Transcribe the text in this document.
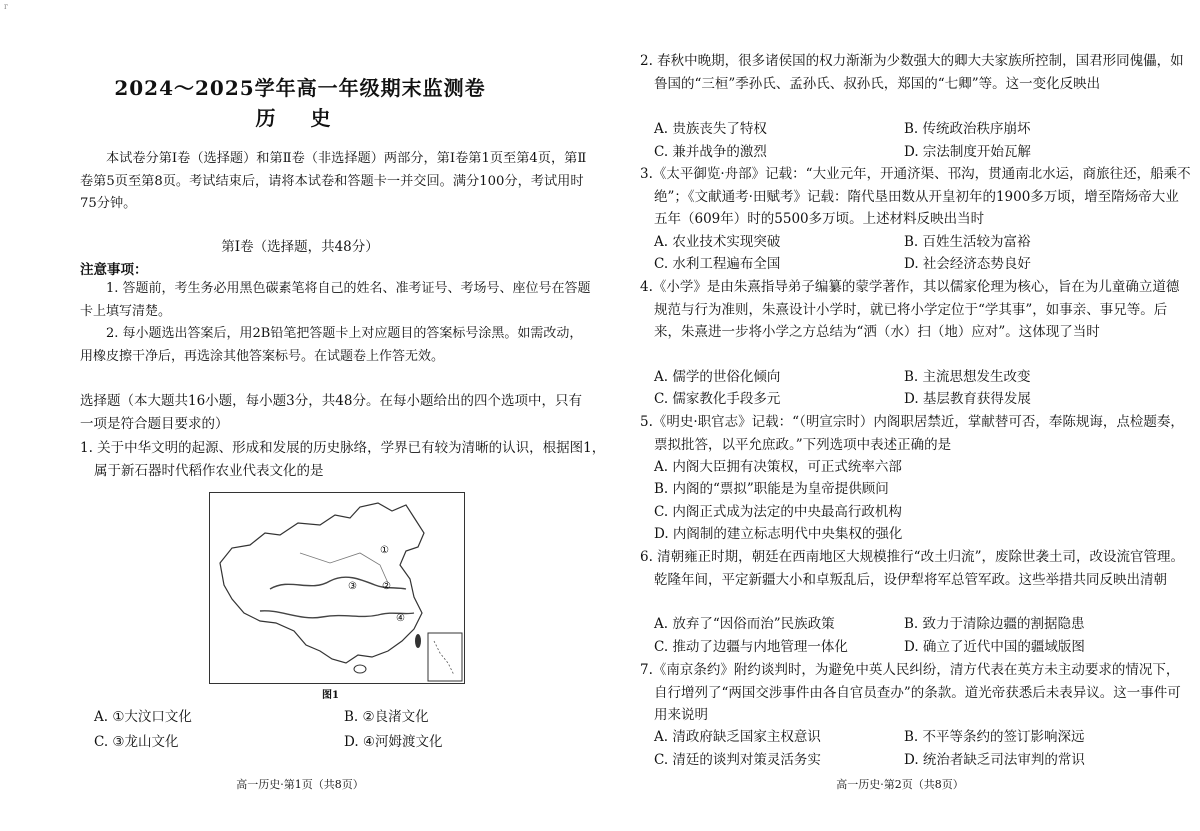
г
2024～2025学年高一年级期末监测卷
历 史
本试卷分第Ⅰ卷（选择题）和第Ⅱ卷（非选择题）两部分，第Ⅰ卷第1页至第4页，第Ⅱ卷第5页至第8页。考试结束后，请将本试卷和答题卡一并交回。满分100分，考试用时75分钟。
第Ⅰ卷（选择题，共48分）
注意事项：
1. 答题前，考生务必用黑色碳素笔将自己的姓名、准考证号、考场号、座位号在答题卡上填写清楚。
2. 每小题选出答案后，用2B铅笔把答题卡上对应题目的答案标号涂黑。如需改动，用橡皮擦干净后，再选涂其他答案标号。在试题卷上作答无效。
选择题（本大题共16小题，每小题3分，共48分。在每小题给出的四个选项中，只有一项是符合题目要求的）
1. 关于中华文明的起源、形成和发展的历史脉络，学界已有较为清晰的认识，根据图1，属于新石器时代稻作农业代表文化的是
①
②
③
④
图1
A. ①大汶口文化	B. ②良渚文化
C. ③龙山文化	D. ④河姆渡文化
高一历史·第1页（共8页）
2. 春秋中晚期，很多诸侯国的权力渐渐为少数强大的卿大夫家族所控制，国君形同傀儡，如鲁国的“三桓”季孙氏、孟孙氏、叔孙氏，郑国的“七卿”等。这一变化反映出
A. 贵族丧失了特权	B. 传统政治秩序崩坏
C. 兼并战争的激烈	D. 宗法制度开始瓦解
3.《太平御览·舟部》记载：“大业元年，开通济渠、邗沟，贯通南北水运，商旅往还，船乘不绝”；《文献通考·田赋考》记载：隋代垦田数从开皇初年的1900多万顷，增至隋炀帝大业五年（609年）时的5500多万顷。上述材料反映出当时
A. 农业技术实现突破	B. 百姓生活较为富裕
C. 水利工程遍布全国	D. 社会经济态势良好
4.《小学》是由朱熹指导弟子编纂的蒙学著作，其以儒家伦理为核心，旨在为儿童确立道德规范与行为准则，朱熹设计小学时，就已将小学定位于“学其事”，如事亲、事兄等。后来，朱熹进一步将小学之方总结为“洒（水）扫（地）应对”。这体现了当时
A. 儒学的世俗化倾向	B. 主流思想发生改变
C. 儒家教化手段多元	D. 基层教育获得发展
5.《明史·职官志》记载：“（明宣宗时）内阁职居禁近，掌献替可否，奉陈规诲，点检题奏，票拟批答，以平允庶政。”下列选项中表述正确的是
A. 内阁大臣拥有决策权，可正式统率六部
B. 内阁的“票拟”职能是为皇帝提供顾问
C. 内阁正式成为法定的中央最高行政机构
D. 内阁制的建立标志明代中央集权的强化
6. 清朝雍正时期，朝廷在西南地区大规模推行“改土归流”，废除世袭土司，改设流官管理。乾隆年间，平定新疆大小和卓叛乱后，设伊犁将军总管军政。这些举措共同反映出清朝
A. 放弃了“因俗而治”民族政策	B. 致力于清除边疆的割据隐患
C. 推动了边疆与内地管理一体化	D. 确立了近代中国的疆域版图
7.《南京条约》附约谈判时，为避免中英人民纠纷，清方代表在英方未主动要求的情况下，自行增列了“两国交涉事件由各自官员查办”的条款。道光帝获悉后未表异议。这一事件可用来说明
A. 清政府缺乏国家主权意识	B. 不平等条约的签订影响深远
C. 清廷的谈判对策灵活务实	D. 统治者缺乏司法审判的常识
高一历史·第2页（共8页）
